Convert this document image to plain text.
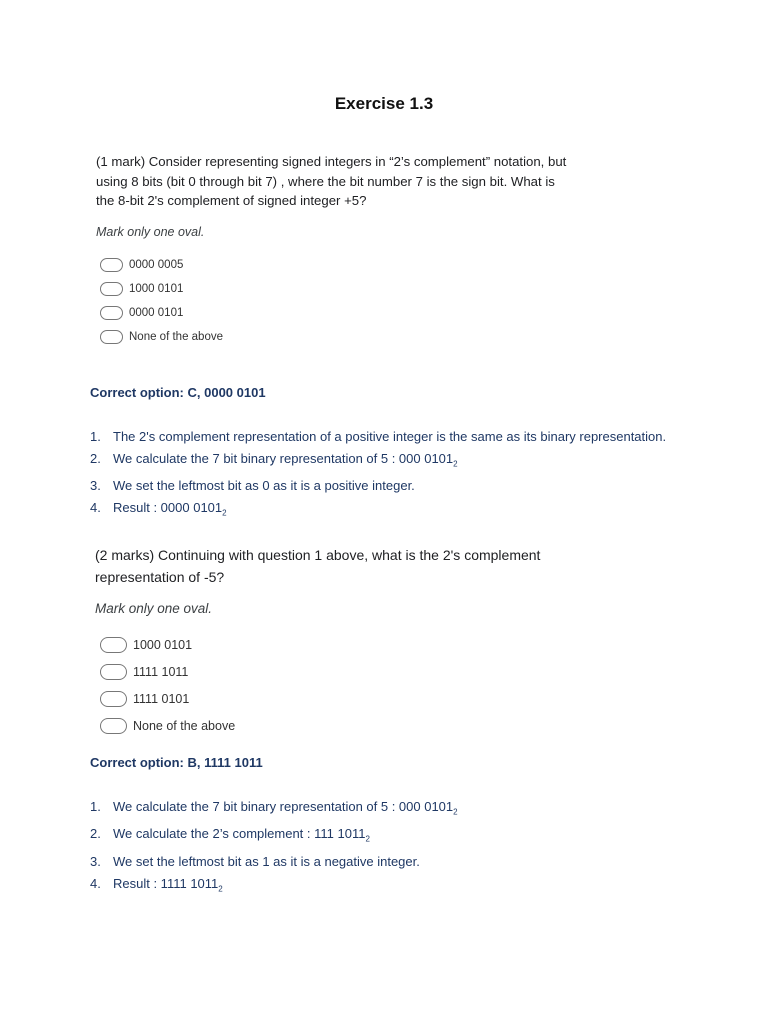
Exercise 1.3
(1 mark) Consider representing signed integers in “2’s complement” notation, but using 8 bits (bit 0 through bit 7) , where the bit number 7 is the sign bit. What is the 8-bit 2's complement of signed integer +5?
Mark only one oval.
0000 0005
1000 0101
0000 0101
None of the above
Correct option: C, 0000 0101
1. The 2's complement representation of a positive integer is the same as its binary representation.
2. We calculate the 7 bit binary representation of 5 : 000 $0101_2$
3. We set the leftmost bit as 0 as it is a positive integer.
4. Result : 0000 $0101_2$
(2 marks) Continuing with question 1 above, what is the 2's complement representation of -5?
Mark only one oval.
1000 0101
1111 1011
1111 0101
None of the above
Correct option: B, 1111 1011
1. We calculate the 7 bit binary representation of 5 : 000 $0101_2$
2. We calculate the 2’s complement : 111 $1011_2$
3. We set the leftmost bit as 1 as it is a negative integer.
4. Result : 1111 $1011_2$
